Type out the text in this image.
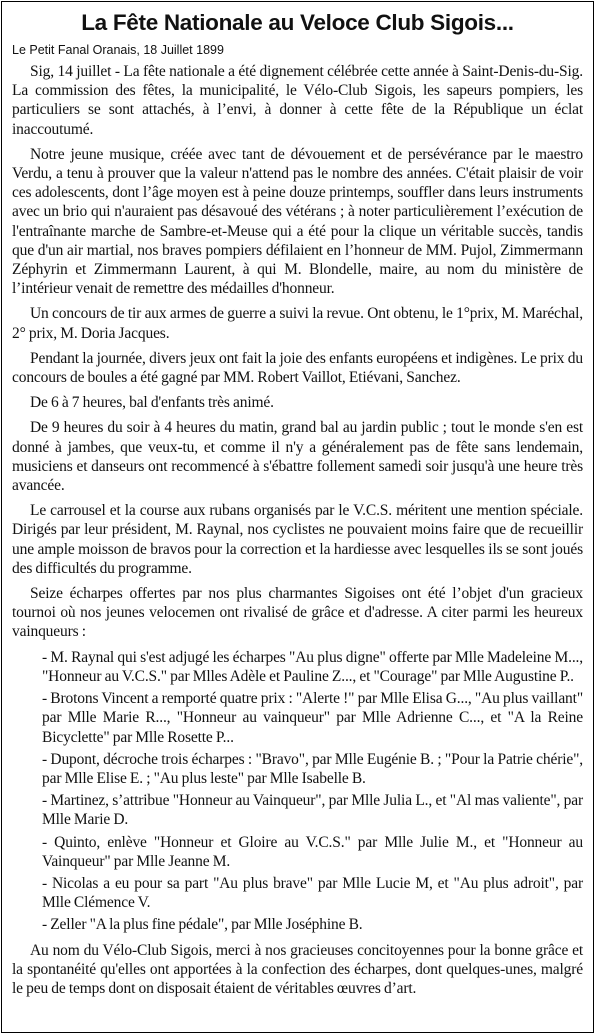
La Fête Nationale au Veloce Club Sigois...
Le Petit Fanal Oranais, 18 Juillet 1899

Sig, 14 juillet - La fête nationale a été dignement célébrée cette année à Saint-Denis-du-Sig. La commission des fêtes, la municipalité, le Vélo-Club Sigois, les sapeurs pompiers, les particuliers se sont attachés, à l’envi, à donner à cette fête de la République un éclat inaccoutumé.

Notre jeune musique, créée avec tant de dévouement et de persévérance par le maestro Verdu, a tenu à prouver que la valeur n'attend pas le nombre des années. C'était plaisir de voir ces adolescents, dont l’âge moyen est à peine douze printemps, souffler dans leurs instruments avec un brio qui n'auraient pas désavoué des vétérans ; à noter particulièrement l’exécution de l'entraînante marche de Sambre-et-Meuse qui a été pour la clique un véritable succès, tandis que d'un air martial, nos braves pompiers défilaient en l’honneur de MM. Pujol, Zimmermann Zéphyrin et Zimmermann Laurent, à qui M. Blondelle, maire, au nom du ministère de l’intérieur venait de remettre des médailles d'honneur.

Un concours de tir aux armes de guerre a suivi la revue. Ont obtenu, le 1°prix, M. Maréchal, 2° prix, M. Doria Jacques.

Pendant la journée, divers jeux ont fait la joie des enfants européens et indigènes. Le prix du concours de boules a été gagné par MM. Robert Vaillot, Etiévani, Sanchez.

De 6 à 7 heures, bal d'enfants très animé.

De 9 heures du soir à 4 heures du matin, grand bal au jardin public ; tout le monde s'en est donné à jambes, que veux-tu, et comme il n'y a généralement pas de fête sans lendemain, musiciens et danseurs ont recommencé à s'ébattre follement samedi soir jusqu'à une heure très avancée.

Le carrousel et la course aux rubans organisés par le V.C.S. méritent une mention spéciale. Dirigés par leur président, M. Raynal, nos cyclistes ne pouvaient moins faire que de recueillir une ample moisson de bravos pour la correction et la hardiesse avec lesquelles ils se sont joués des difficultés du programme.

Seize écharpes offertes par nos plus charmantes Sigoises ont été l’objet d'un gracieux tournoi où nos jeunes velocemen ont rivalisé de grâce et d'adresse. A citer parmi les heureux vainqueurs :

- M. Raynal qui s'est adjugé les écharpes "Au plus digne" offerte par Mlle Madeleine M..., "Honneur au V.C.S." par Mlles Adèle et Pauline Z..., et "Courage" par Mlle Augustine P..

- Brotons Vincent a remporté quatre prix : "Alerte !" par Mlle Elisa G..., "Au plus vaillant" par Mlle Marie R..., "Honneur au vainqueur" par Mlle Adrienne C..., et "A la Reine Bicyclette" par Mlle Rosette P...

- Dupont, décroche trois écharpes : "Bravo", par Mlle Eugénie B. ; "Pour la Patrie chérie", par Mlle Elise E. ; "Au plus leste" par Mlle Isabelle B.

- Martinez, s’attribue "Honneur au Vainqueur", par Mlle Julia L., et "Al mas valiente", par Mlle Marie D.

- Quinto, enlève "Honneur et Gloire au V.C.S." par Mlle Julie M., et "Honneur au Vainqueur" par Mlle Jeanne M.

- Nicolas a eu pour sa part "Au plus brave" par Mlle Lucie M, et "Au plus adroit", par Mlle Clémence V.

- Zeller "A la plus fine pédale", par Mlle Joséphine B.

Au nom du Vélo-Club Sigois, merci à nos gracieuses concitoyennes pour la bonne grâce et la spontanéité qu'elles ont apportées à la confection des écharpes, dont quelques-unes, malgré le peu de temps dont on disposait étaient de véritables œuvres d’art.
